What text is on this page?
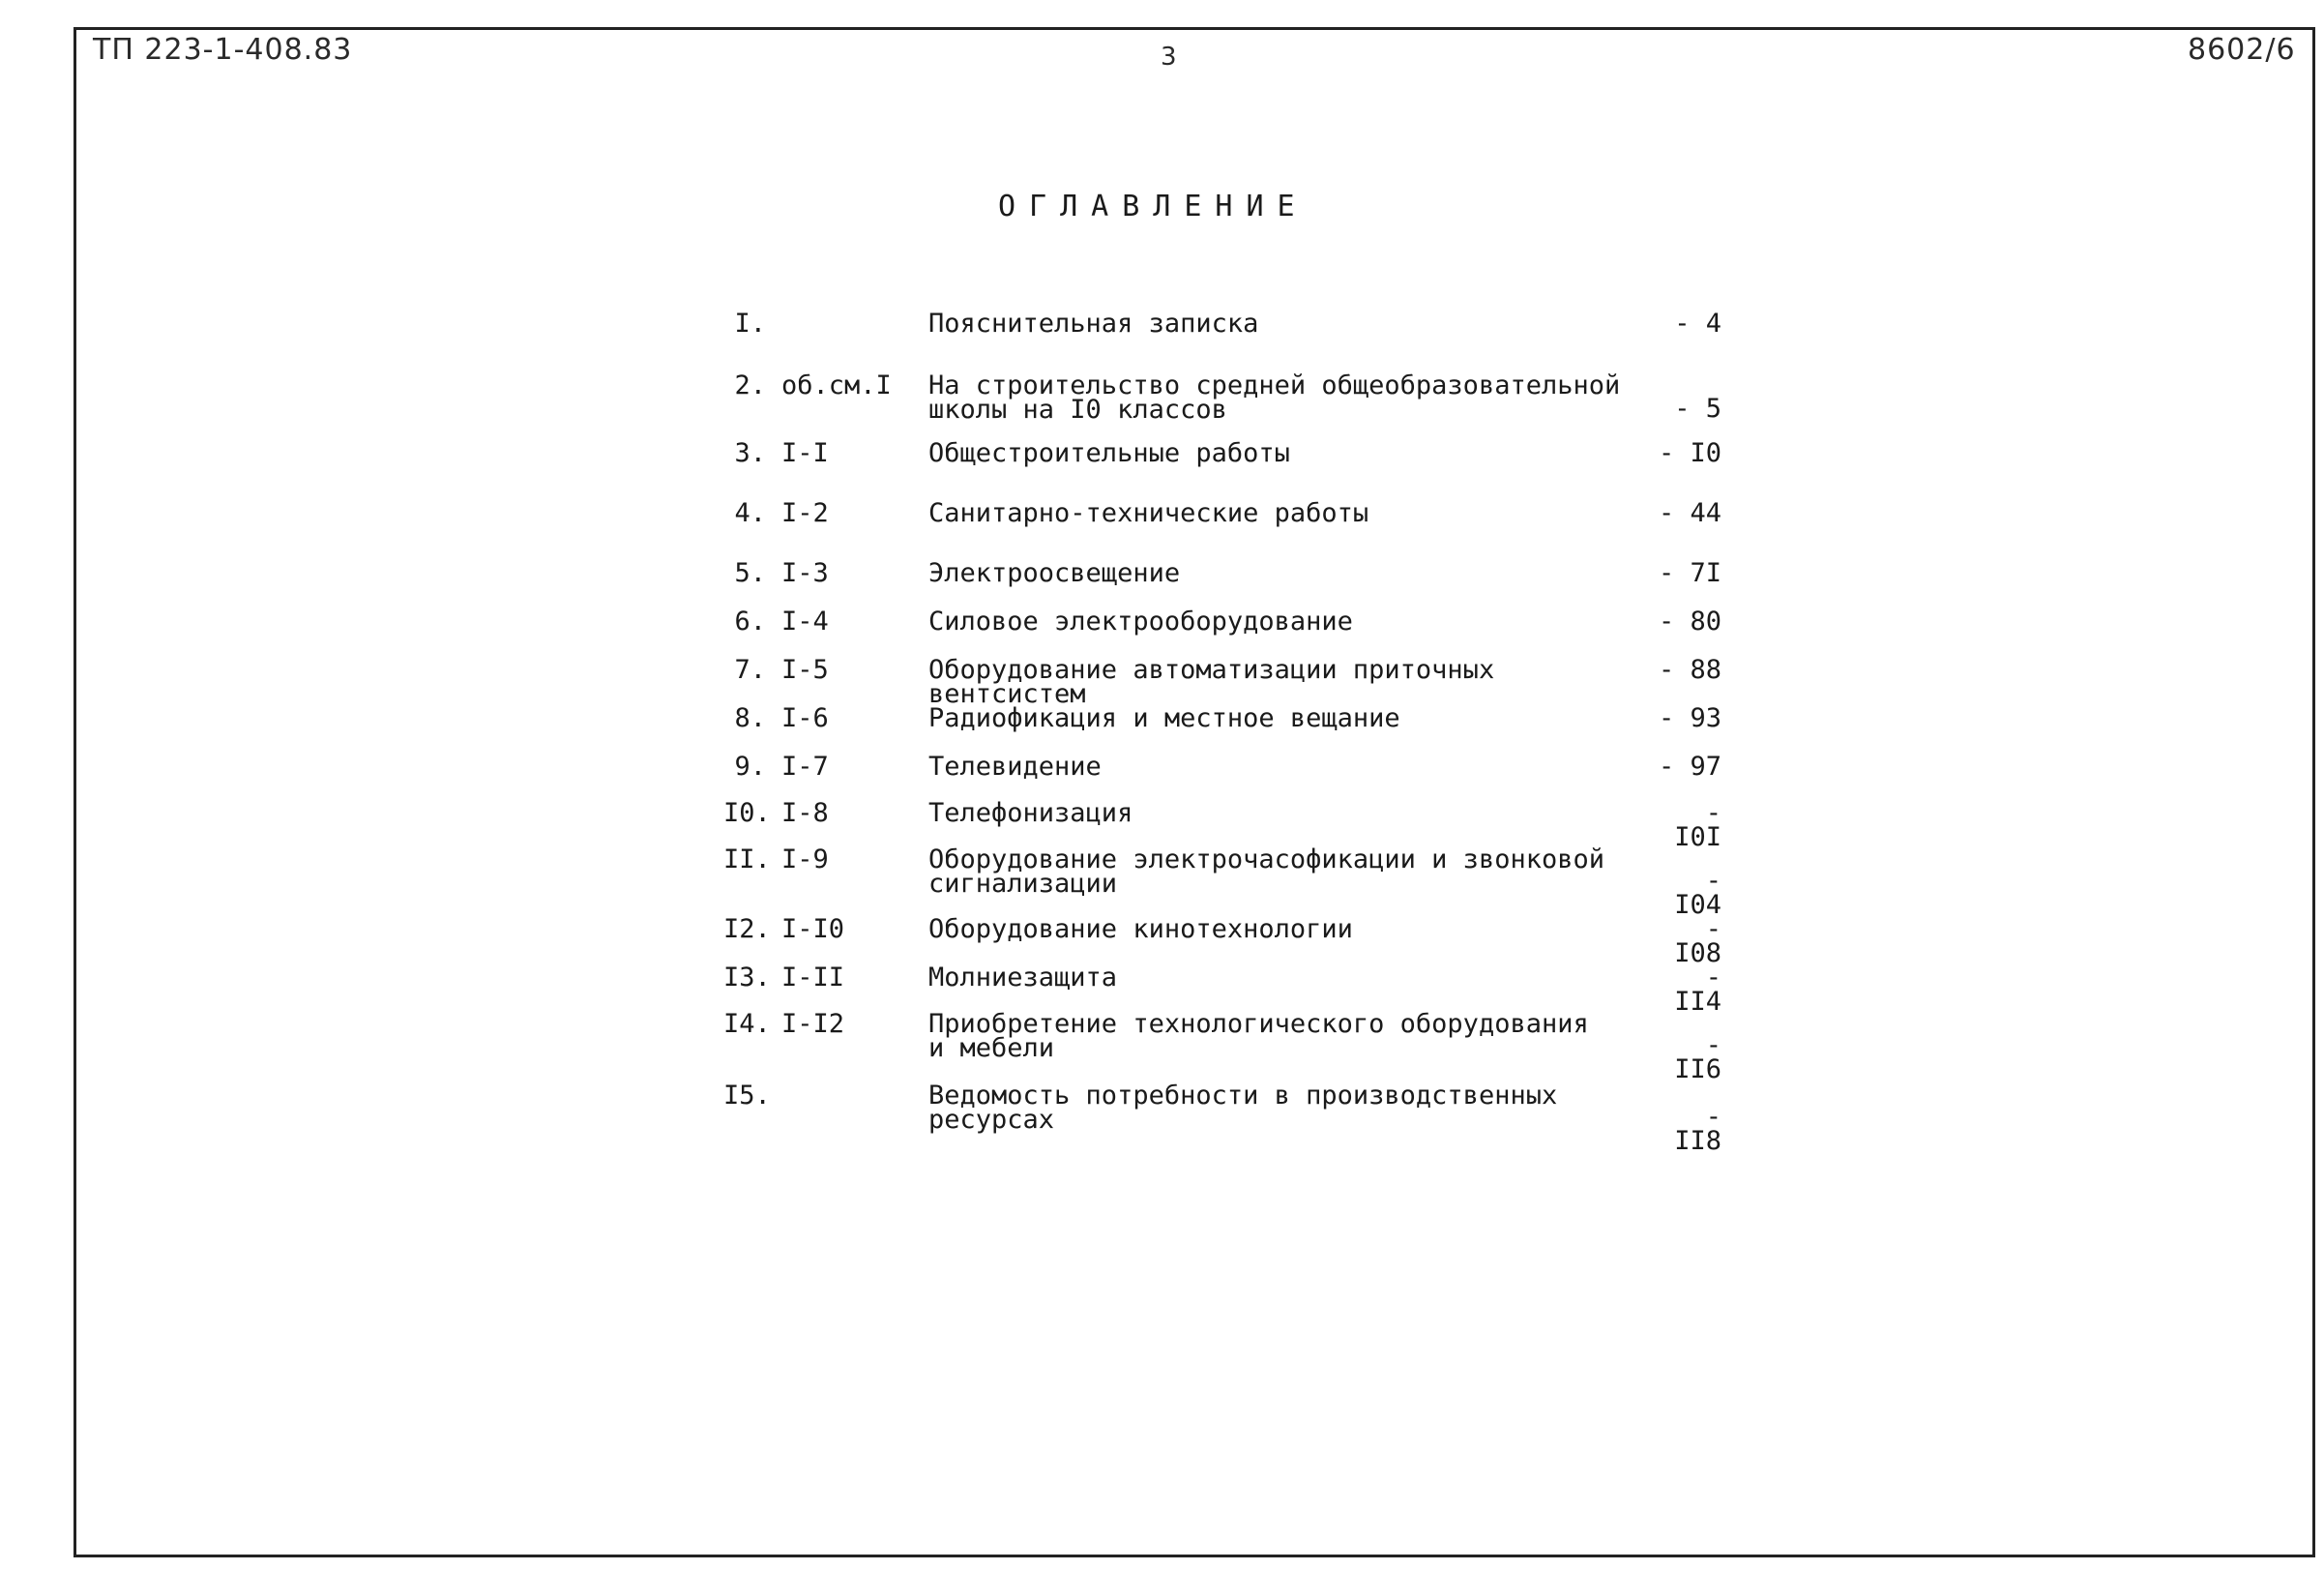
ТП 223-1-408.83	3	8602/6
ОГЛАВЛЕНИЕ
I.	Пояснительная записка	- 4
2. об.см.I На строительство средней общеобразовательной
школы на I0 классов	- 5
3. I-I	Общестроительные работы	- I0
4. I-2	Санитарно-технические работы	- 44
5. I-3	Электроосвещение	- 7I
6. I-4	Силовое электрооборудование	- 80
7. I-5	Оборудование автоматизации приточных вентсистем
- 88
8. I-6	Радиофикация и местное вещание	- 93
9. I-7	Телевидение	- 97
I0. I-8	Телефонизация	- I0I
II. I-9	Оборудование электрочасофикации и звонковой
сигнализации	- I04
I2. I-I0	Оборудование кинотехнологии	- I08
I3. I-II	Молниезащита	- II4
I4. I-I2	Приобретение технологического оборудования
и мебели	- II6
I5.	Ведомость потребности в производственных
ресурсах	- II8
